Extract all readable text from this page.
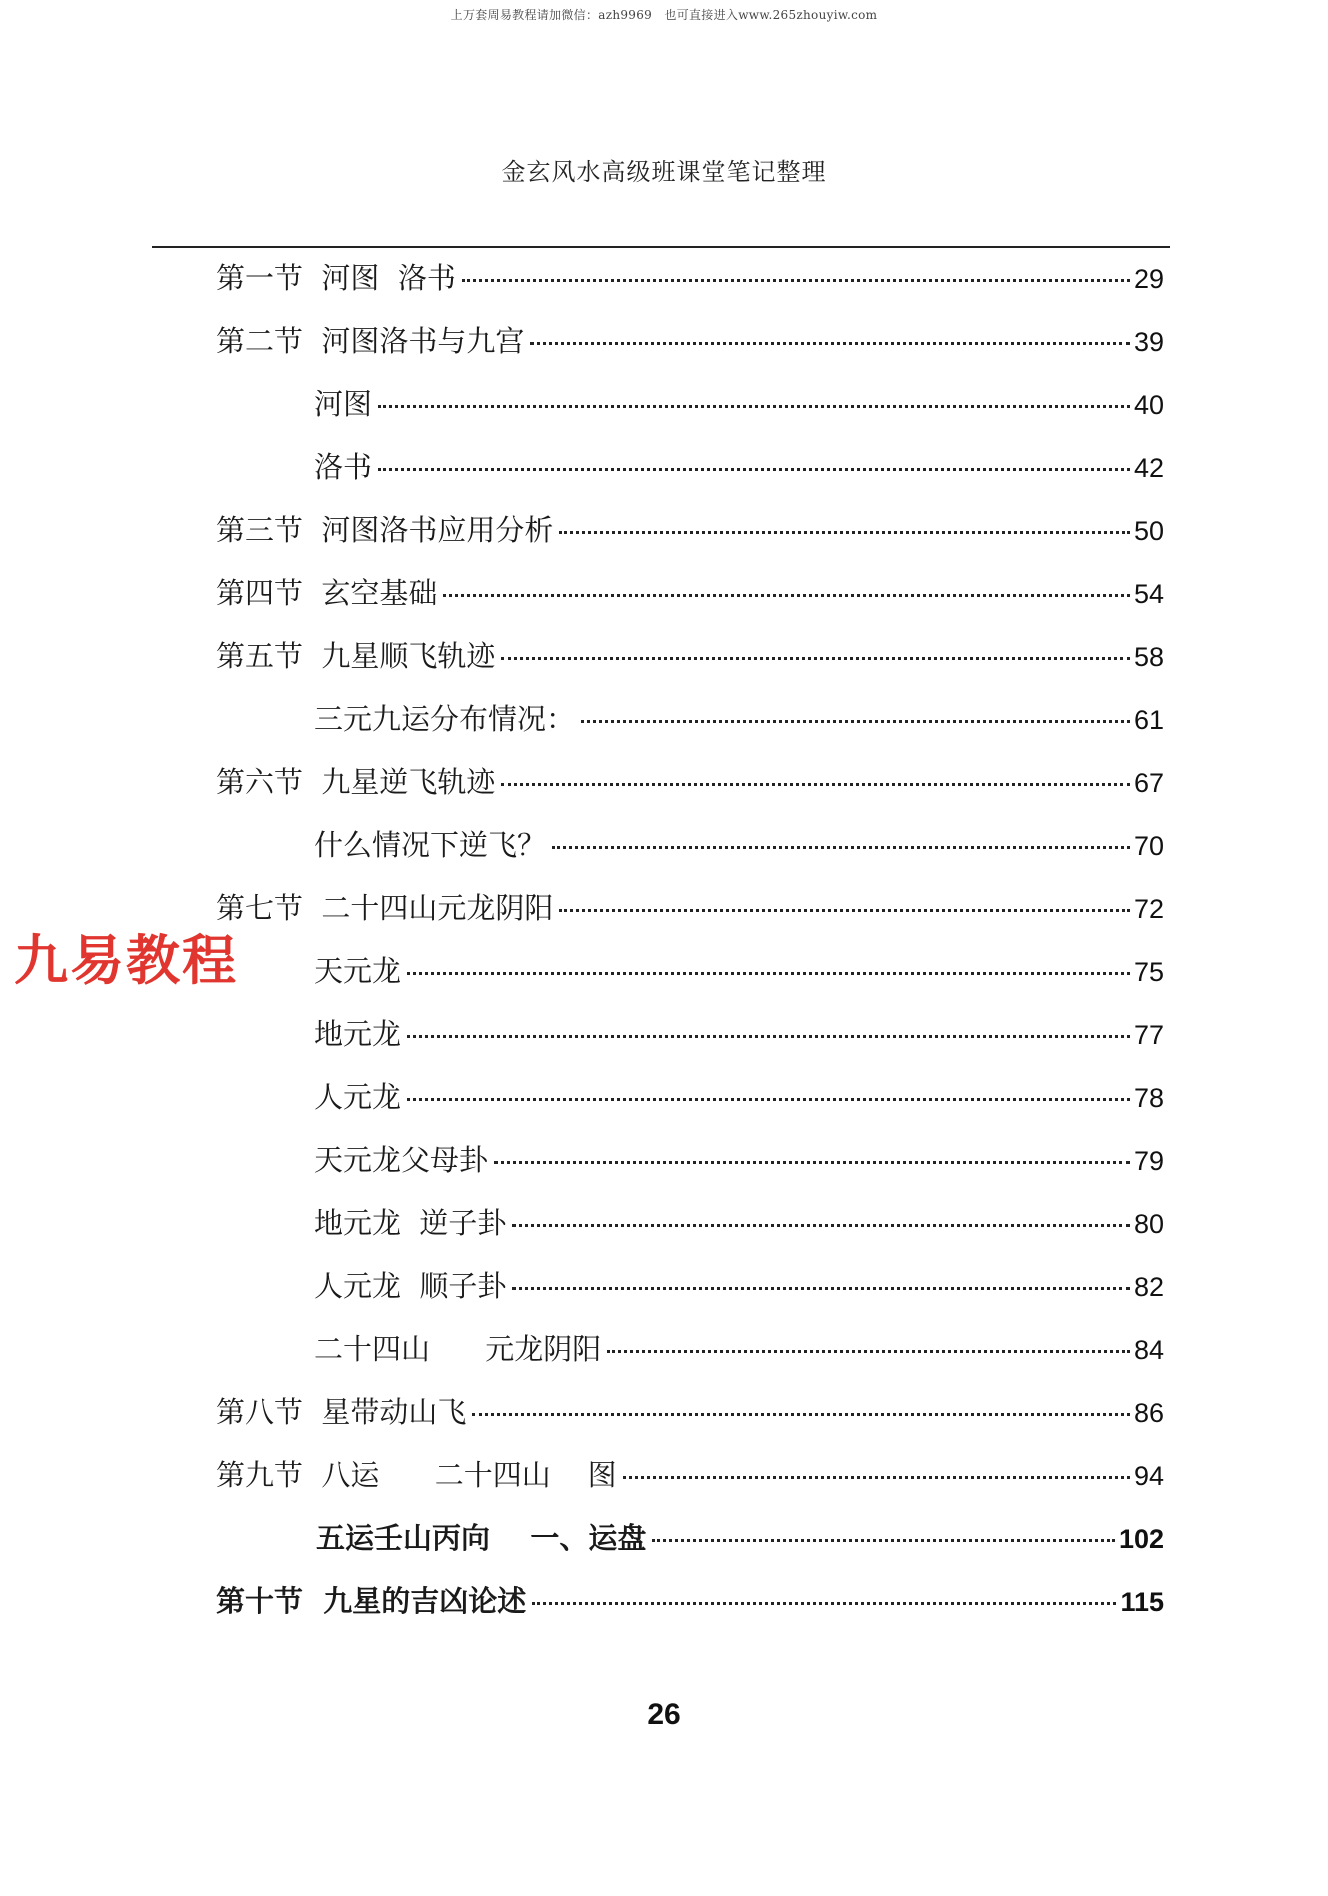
上万套周易教程请加微信：azh9969　也可直接进入www.265zhouyiw.com
金玄风水高级班课堂笔记整理
第一节  河图  洛书	29
第二节  河图洛书与九宫	39
河图	40
洛书	42
第三节  河图洛书应用分析	50
第四节  玄空基础	54
第五节  九星顺飞轨迹	58
三元九运分布情况：	61
第六节  九星逆飞轨迹	67
什么情况下逆飞？	70
第七节  二十四山元龙阴阳	72
天元龙	75
地元龙	77
人元龙	78
天元龙父母卦	79
地元龙  逆子卦	80
人元龙  顺子卦	82
二十四山      元龙阴阳	84
第八节  星带动山飞	86
第九节  八运      二十四山    图	94
五运壬山丙向    一、运盘	102
第十节  九星的吉凶论述	115
九易教程
26
